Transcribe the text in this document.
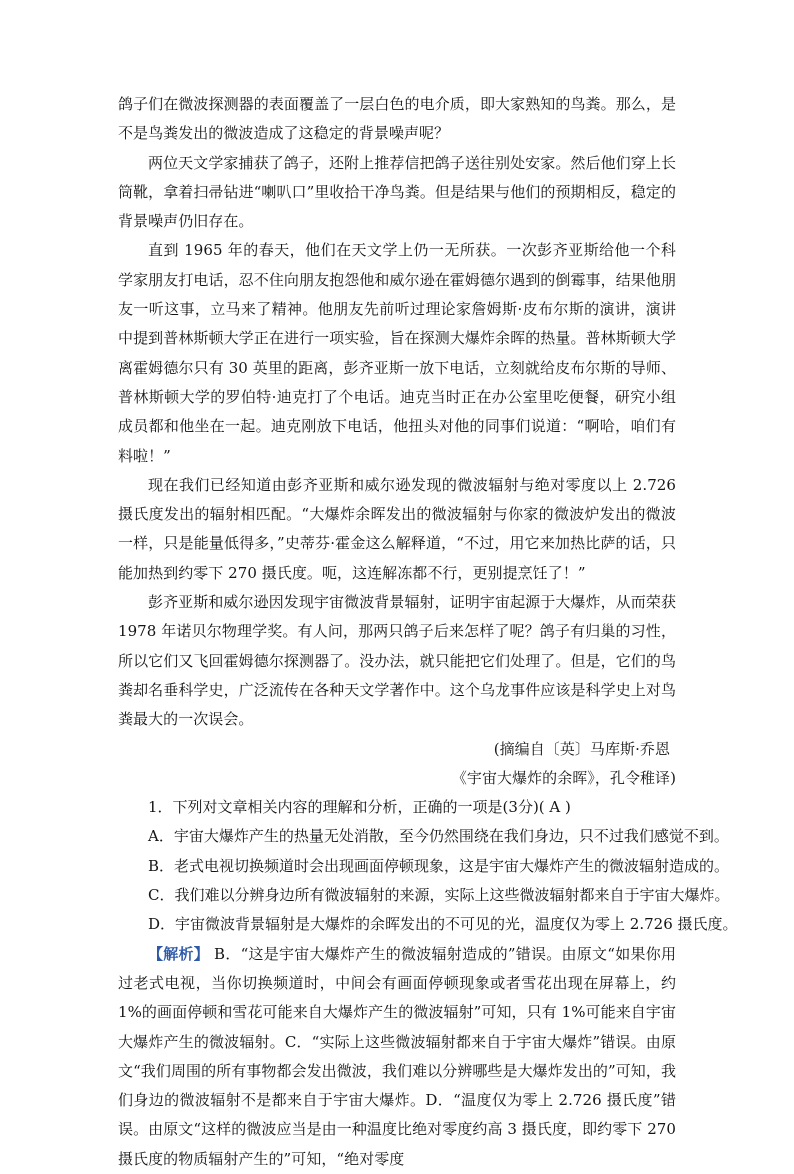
鸽子们在微波探测器的表面覆盖了一层白色的电介质，即大家熟知的鸟粪。那么，是不是鸟粪发出的微波造成了这稳定的背景噪声呢？

两位天文学家捕获了鸽子，还附上推荐信把鸽子送往别处安家。然后他们穿上长筒靴，拿着扫帚钻进“喇叭口”里收拾干净鸟粪。但是结果与他们的预期相反，稳定的背景噪声仍旧存在。

直到 1965 年的春天，他们在天文学上仍一无所获。一次彭齐亚斯给他一个科学家朋友打电话，忍不住向朋友抱怨他和威尔逊在霍姆德尔遇到的倒霉事，结果他朋友一听这事，立马来了精神。他朋友先前听过理论家詹姆斯·皮布尔斯的演讲，演讲中提到普林斯顿大学正在进行一项实验，旨在探测大爆炸余晖的热量。普林斯顿大学离霍姆德尔只有 30 英里的距离，彭齐亚斯一放下电话，立刻就给皮布尔斯的导师、普林斯顿大学的罗伯特·迪克打了个电话。迪克当时正在办公室里吃便餐，研究小组成员都和他坐在一起。迪克刚放下电话，他扭头对他的同事们说道：“啊哈，咱们有料啦！”

现在我们已经知道由彭齐亚斯和威尔逊发现的微波辐射与绝对零度以上 2.726 摄氏度发出的辐射相匹配。“大爆炸余晖发出的微波辐射与你家的微波炉发出的微波一样，只是能量低得多，”史蒂芬·霍金这么解释道，“不过，用它来加热比萨的话，只能加热到约零下 270 摄氏度。呃，这连解冻都不行，更别提烹饪了！”

彭齐亚斯和威尔逊因发现宇宙微波背景辐射，证明宇宙起源于大爆炸，从而荣获 1978 年诺贝尔物理学奖。有人问，那两只鸽子后来怎样了呢？鸽子有归巢的习性，所以它们又飞回霍姆德尔探测器了。没办法，就只能把它们处理了。但是，它们的鸟粪却名垂科学史，广泛流传在各种天文学著作中。这个乌龙事件应该是科学史上对鸟粪最大的一次误会。

(摘编自〔英〕马库斯·乔恩

《宇宙大爆炸的余晖》，孔令稚译)

1．下列对文章相关内容的理解和分析，正确的一项是(3分)( A )

A．宇宙大爆炸产生的热量无处消散，至今仍然围绕在我们身边，只不过我们感觉不到。

B．老式电视切换频道时会出现画面停顿现象，这是宇宙大爆炸产生的微波辐射造成的。

C．我们难以分辨身边所有微波辐射的来源，实际上这些微波辐射都来自于宇宙大爆炸。

D．宇宙微波背景辐射是大爆炸的余晖发出的不可见的光，温度仅为零上 2.726 摄氏度。

【解析】 B．“这是宇宙大爆炸产生的微波辐射造成的”错误。由原文“如果你用过老式电视，当你切换频道时，中间会有画面停顿现象或者雪花出现在屏幕上，约 1%的画面停顿和雪花可能来自大爆炸产生的微波辐射”可知，只有 1%可能来自宇宙大爆炸产生的微波辐射。C．“实际上这些微波辐射都来自于宇宙大爆炸”错误。由原文“我们周围的所有事物都会发出微波，我们难以分辨哪些是大爆炸发出的”可知，我们身边的微波辐射不是都来自于宇宙大爆炸。D．“温度仅为零上 2.726 摄氏度”错误。由原文“这样的微波应当是由一种温度比绝对零度约高 3 摄氏度，即约零下 270 摄氏度的物质辐射产生的”可知，“绝对零度
